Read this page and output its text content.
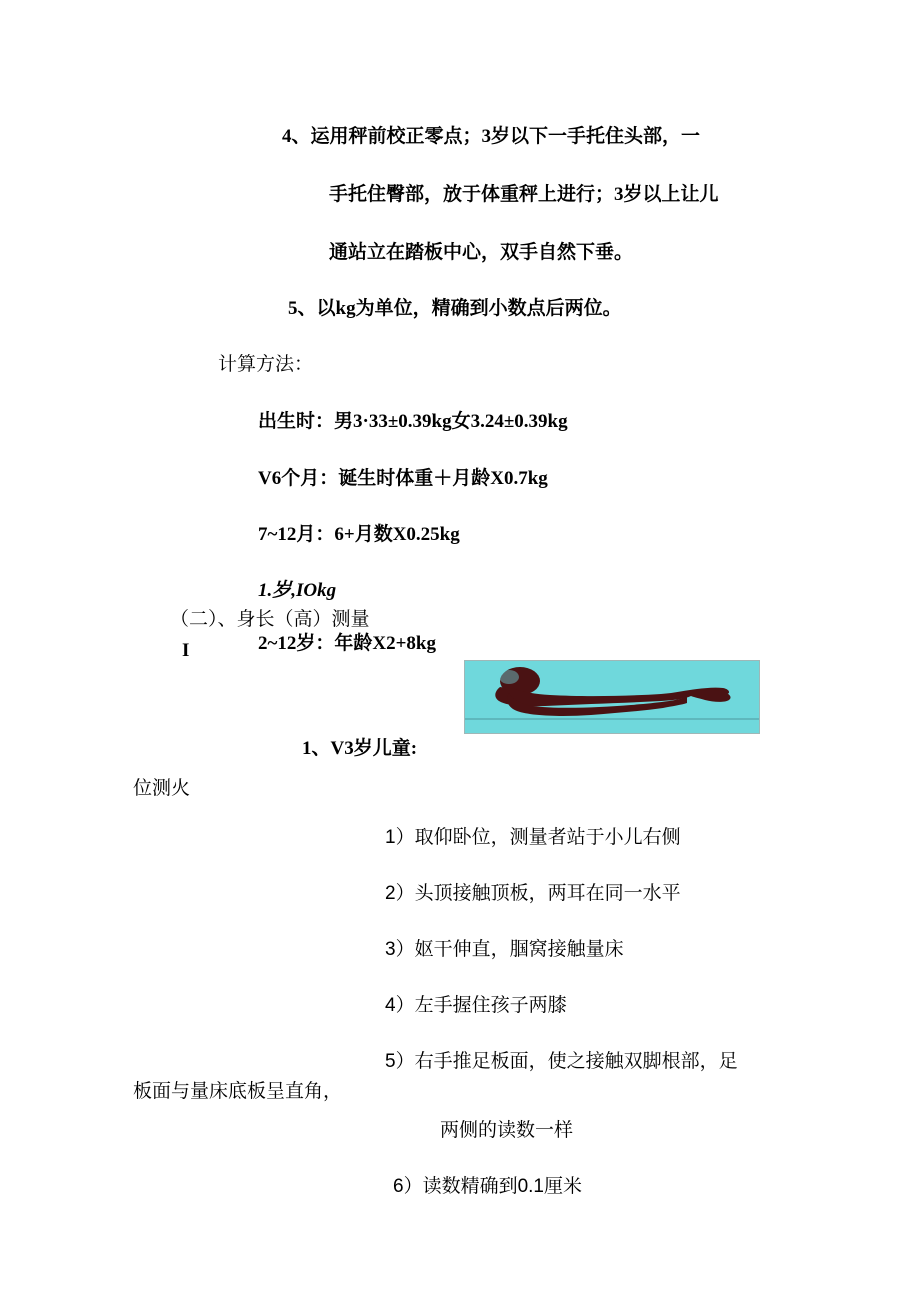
4、运用秤前校正零点；3岁以下一手托住头部，一
手托住臀部，放于体重秤上进行；3岁以上让儿
通站立在踏板中心，双手自然下垂。
5、以kg为单位，精确到小数点后两位。
计算方法：
出生时：男3·33±0.39kg女3.24±0.39kg
V6个月：诞生时体重＋月龄X0.7kg
7~12月：6+月数X0.25kg
1.岁,IOkg
（二）、身长（高）测量
I	2~12岁：年龄X2+8kg
1、V3岁儿童:
位测火
1）取仰卧位，测量者站于小儿右侧
2）头顶接触顶板，两耳在同一水平
3）妪干伸直，腘窝接触量床
4）左手握住孩子两膝
5）右手推足板面，使之接触双脚根部，足
板面与量床底板呈直角，
两侧的读数一样
6）读数精确到0.1厘米
